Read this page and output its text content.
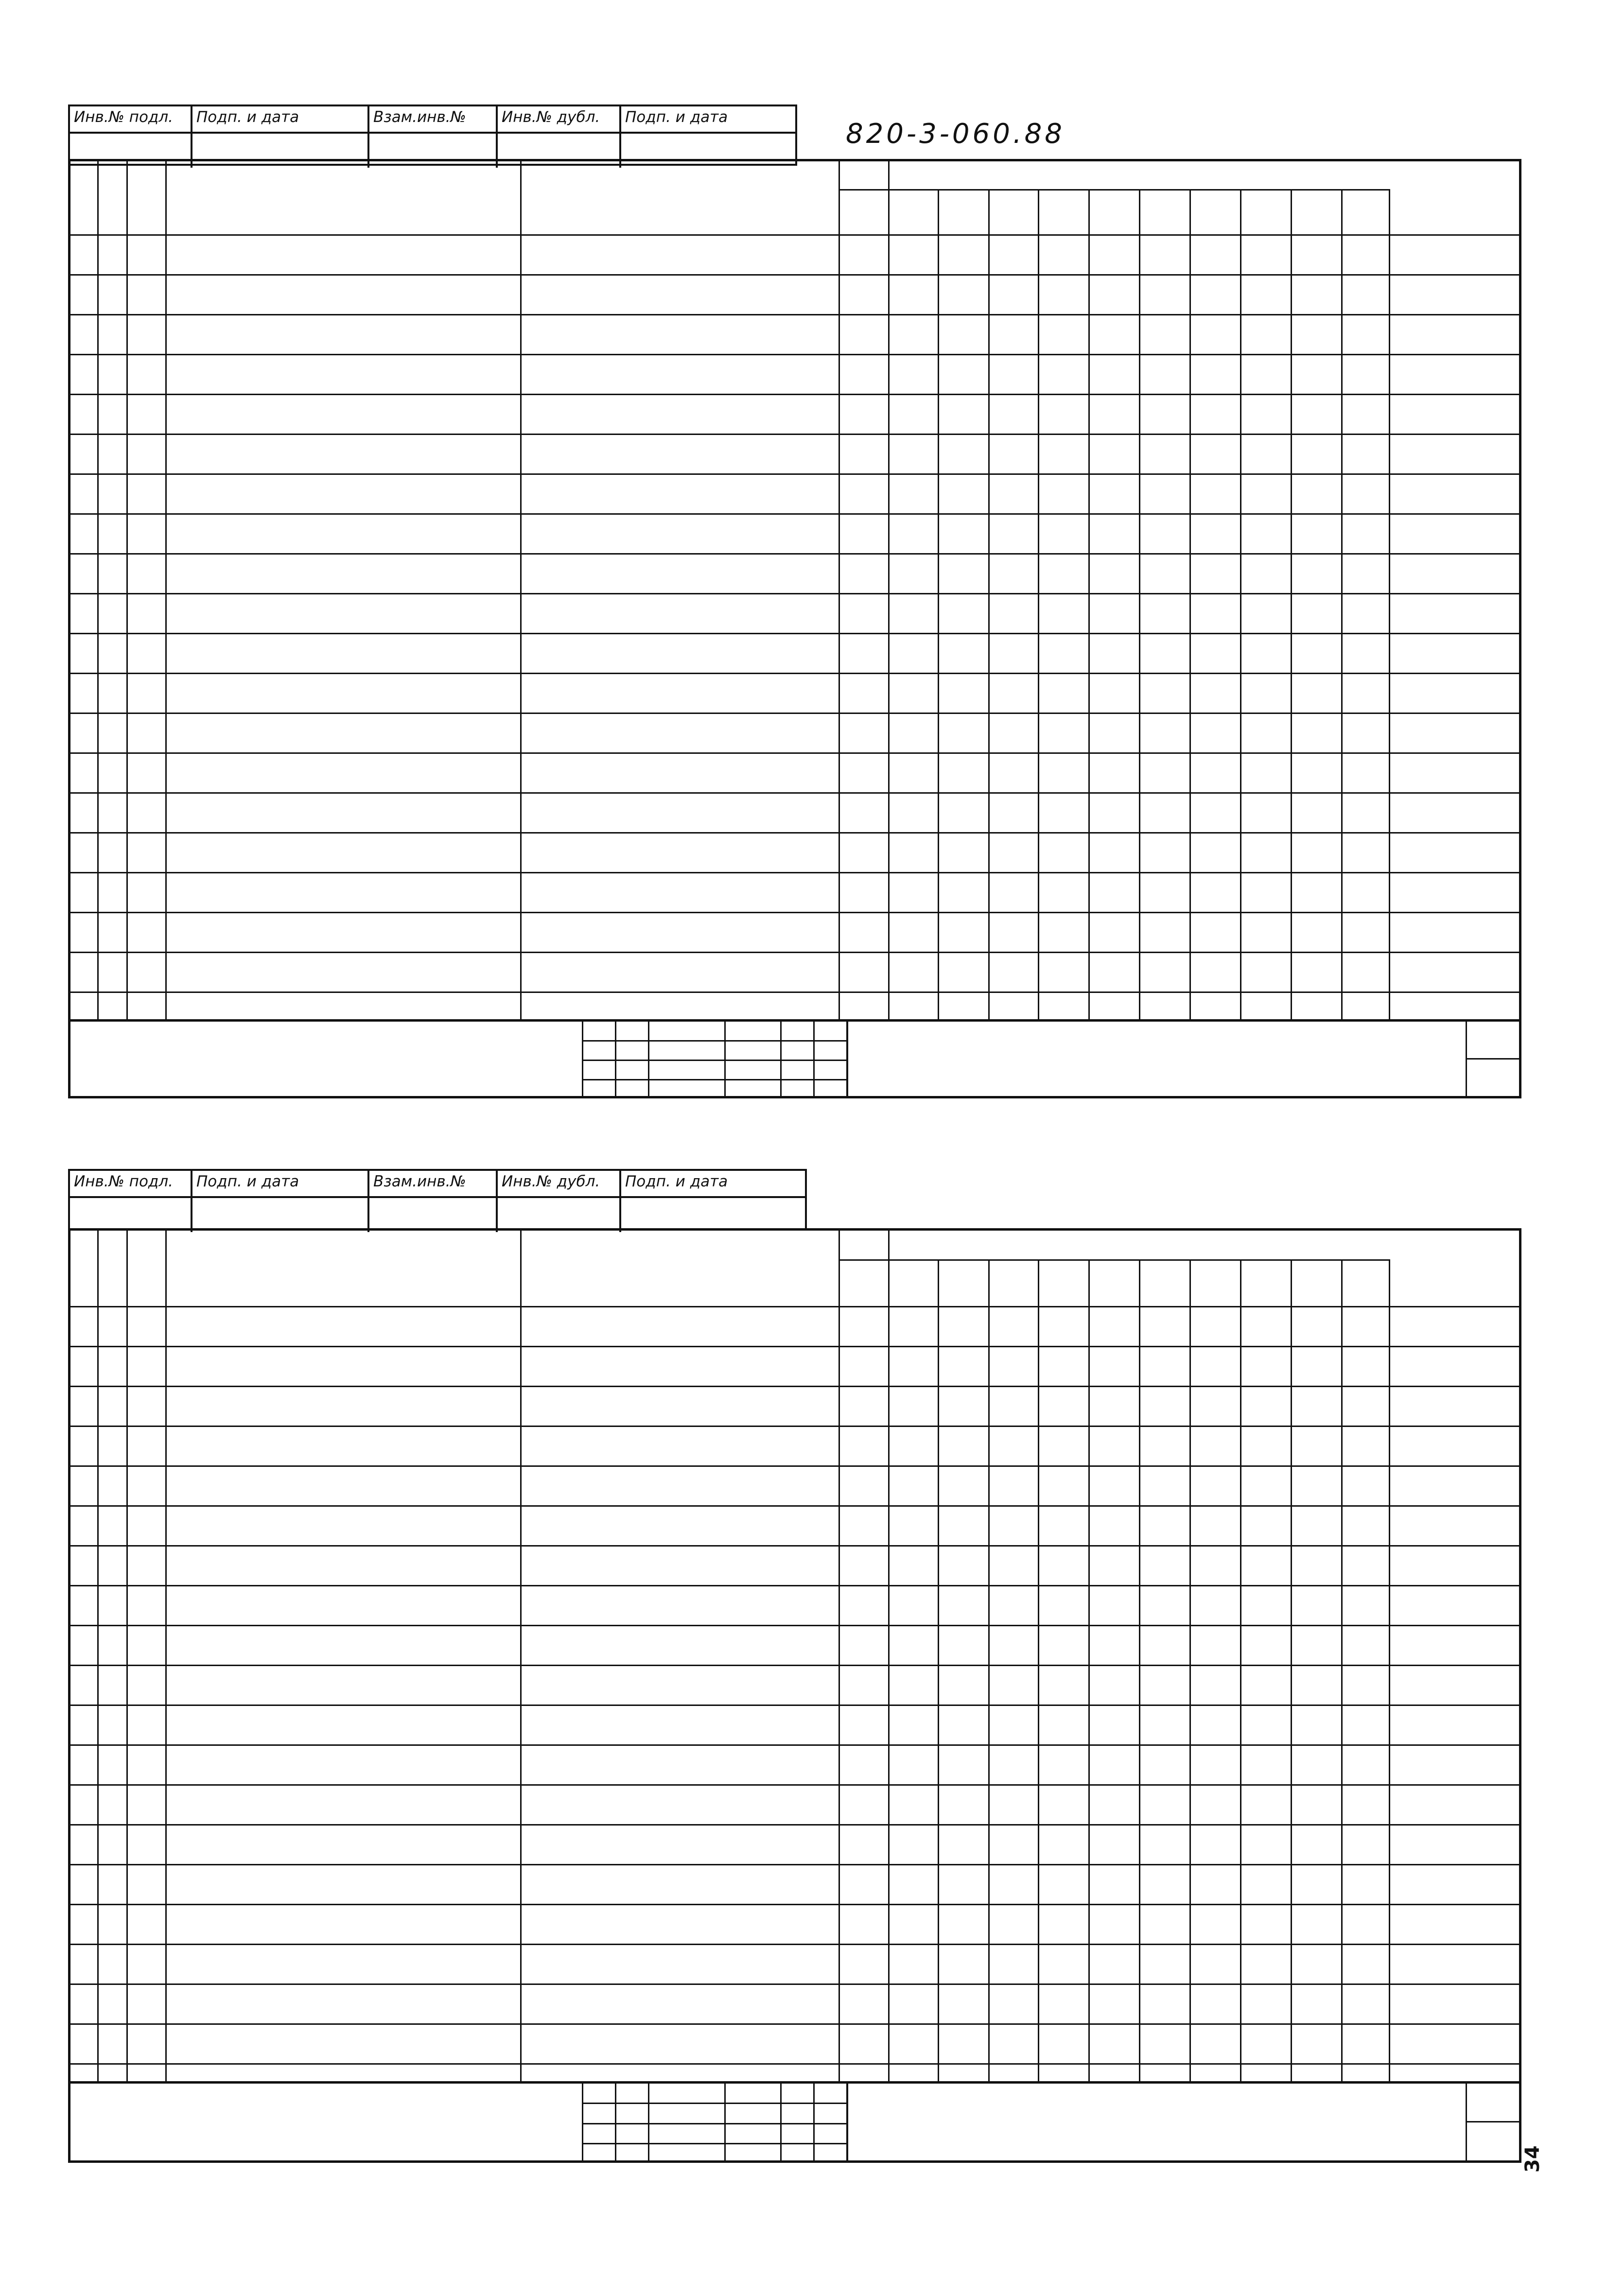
Инв.№ подл. Подп. и дата	Взам.инв.№ Инв.№ дубл. Подп. и дата
820-3-060.88
Инв.№ подл. Подп. и дата	Взам.инв.№ Инв.№ дубл. Подп. и дата
34
